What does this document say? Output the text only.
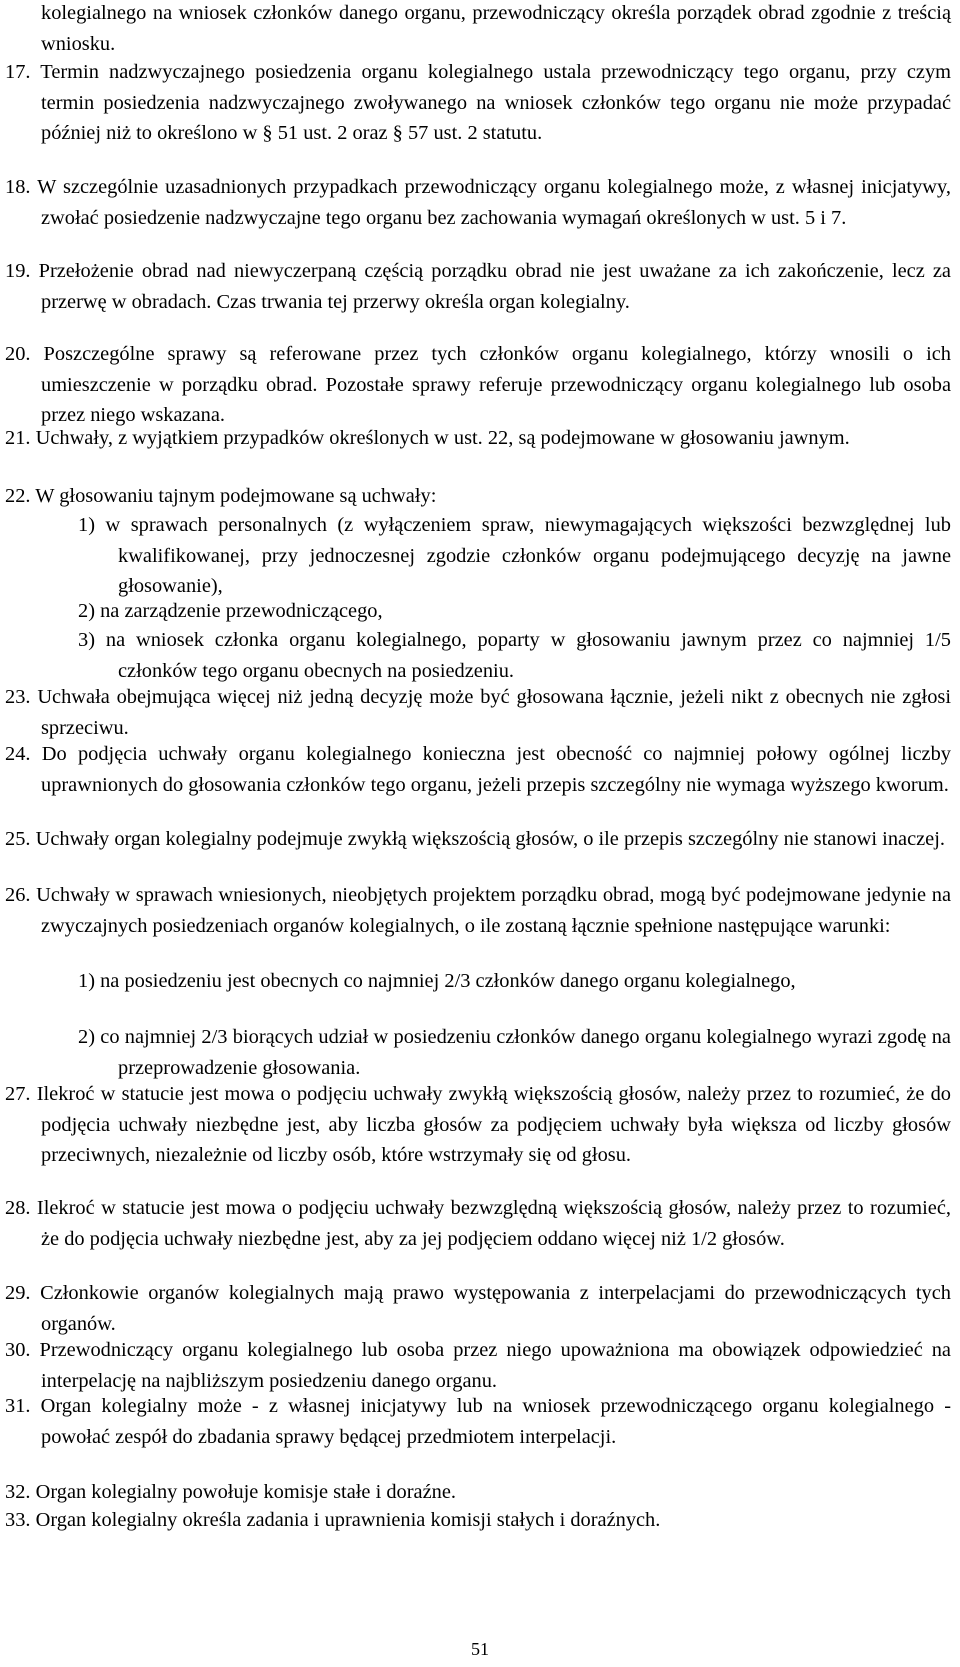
kolegialnego na wniosek członków danego organu, przewodniczący określa porządek obrad zgodnie z treścią wniosku.
17. Termin nadzwyczajnego posiedzenia organu kolegialnego ustala przewodniczący tego organu, przy czym termin posiedzenia nadzwyczajnego zwoływanego na wniosek członków tego organu nie może przypadać później niż to określono w § 51 ust. 2 oraz § 57 ust. 2 statutu.
18. W szczególnie uzasadnionych przypadkach przewodniczący organu kolegialnego może, z własnej inicjatywy, zwołać posiedzenie nadzwyczajne tego organu bez zachowania wymagań określonych w ust. 5 i 7.
19. Przełożenie obrad nad niewyczerpaną częścią porządku obrad nie jest uważane za ich zakończenie, lecz za przerwę w obradach. Czas trwania tej przerwy określa organ kolegialny.
20. Poszczególne sprawy są referowane przez tych członków organu kolegialnego, którzy wnosili o ich umieszczenie w porządku obrad. Pozostałe sprawy referuje przewodniczący organu kolegialnego lub osoba przez niego wskazana.
21. Uchwały, z wyjątkiem przypadków określonych w ust. 22, są podejmowane w głosowaniu jawnym.
22. W głosowaniu tajnym podejmowane są uchwały:
1) w sprawach personalnych (z wyłączeniem spraw, niewymagających większości bezwzględnej lub kwalifikowanej, przy jednoczesnej zgodzie członków organu podejmującego decyzję na jawne głosowanie),
2) na zarządzenie przewodniczącego,
3) na wniosek członka organu kolegialnego, poparty w głosowaniu jawnym przez co najmniej 1/5 członków tego organu obecnych na posiedzeniu.
23. Uchwała obejmująca więcej niż jedną decyzję może być głosowana łącznie, jeżeli nikt z obecnych nie zgłosi sprzeciwu.
24. Do podjęcia uchwały organu kolegialnego konieczna jest obecność co najmniej połowy ogólnej liczby uprawnionych do głosowania członków tego organu, jeżeli przepis szczególny nie wymaga wyższego kworum.
25. Uchwały organ kolegialny podejmuje zwykłą większością głosów, o ile przepis szczególny nie stanowi inaczej.
26. Uchwały w sprawach wniesionych, nieobjętych projektem porządku obrad, mogą być podejmowane jedynie na zwyczajnych posiedzeniach organów kolegialnych, o ile zostaną łącznie spełnione następujące warunki:
1) na posiedzeniu jest obecnych co najmniej 2/3 członków danego organu kolegialnego,
2) co najmniej 2/3 biorących udział w posiedzeniu członków danego organu kolegialnego wyrazi zgodę na przeprowadzenie głosowania.
27. Ilekroć w statucie jest mowa o podjęciu uchwały zwykłą większością głosów, należy przez to rozumieć, że do podjęcia uchwały niezbędne jest, aby liczba głosów za podjęciem uchwały była większa od liczby głosów przeciwnych, niezależnie od liczby osób, które wstrzymały się od głosu.
28. Ilekroć w statucie jest mowa o podjęciu uchwały bezwzględną większością głosów, należy przez to rozumieć, że do podjęcia uchwały niezbędne jest, aby za jej podjęciem oddano więcej niż 1/2 głosów.
29. Członkowie organów kolegialnych mają prawo występowania z interpelacjami do przewodniczących tych organów.
30. Przewodniczący organu kolegialnego lub osoba przez niego upoważniona ma obowiązek odpowiedzieć na interpelację na najbliższym posiedzeniu danego organu.
31. Organ kolegialny może - z własnej inicjatywy lub na wniosek przewodniczącego organu kolegialnego - powołać zespół do zbadania sprawy będącej przedmiotem interpelacji.
32. Organ kolegialny powołuje komisje stałe i doraźne.
33. Organ kolegialny określa zadania i uprawnienia komisji stałych i doraźnych.
51
